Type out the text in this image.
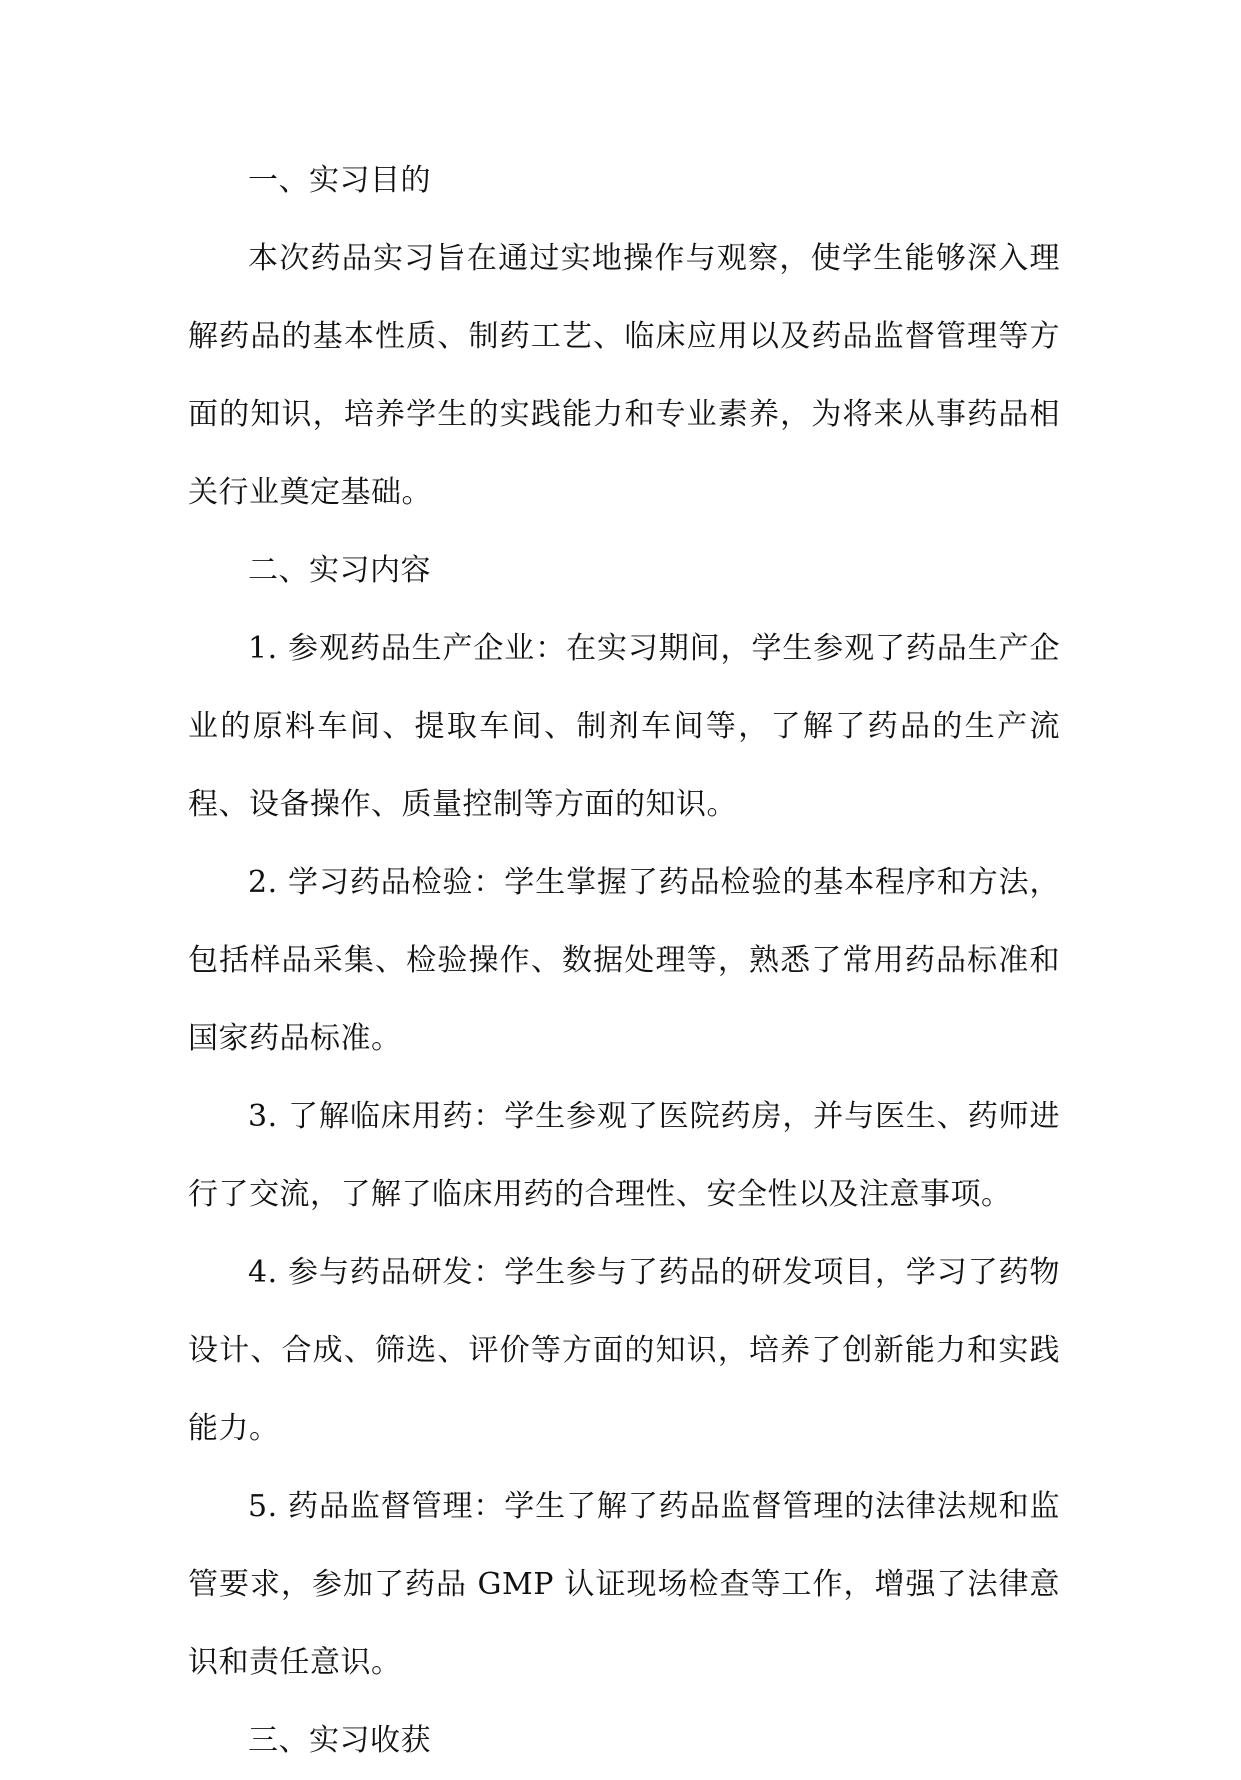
一、实习目的

本次药品实习旨在通过实地操作与观察，使学生能够深入理解药品的基本性质、制药工艺、临床应用以及药品监督管理等方面的知识，培养学生的实践能力和专业素养，为将来从事药品相关行业奠定基础。

二、实习内容

1. 参观药品生产企业：在实习期间，学生参观了药品生产企业的原料车间、提取车间、制剂车间等，了解了药品的生产流程、设备操作、质量控制等方面的知识。

2. 学习药品检验：学生掌握了药品检验的基本程序和方法，包括样品采集、检验操作、数据处理等，熟悉了常用药品标准和国家药品标准。

3. 了解临床用药：学生参观了医院药房，并与医生、药师进行了交流，了解了临床用药的合理性、安全性以及注意事项。

4. 参与药品研发：学生参与了药品的研发项目，学习了药物设计、合成、筛选、评价等方面的知识，培养了创新能力和实践能力。

5. 药品监督管理：学生了解了药品监督管理的法律法规和监管要求，参加了药品 GMP 认证现场检查等工作，增强了法律意识和责任意识。

三、实习收获
